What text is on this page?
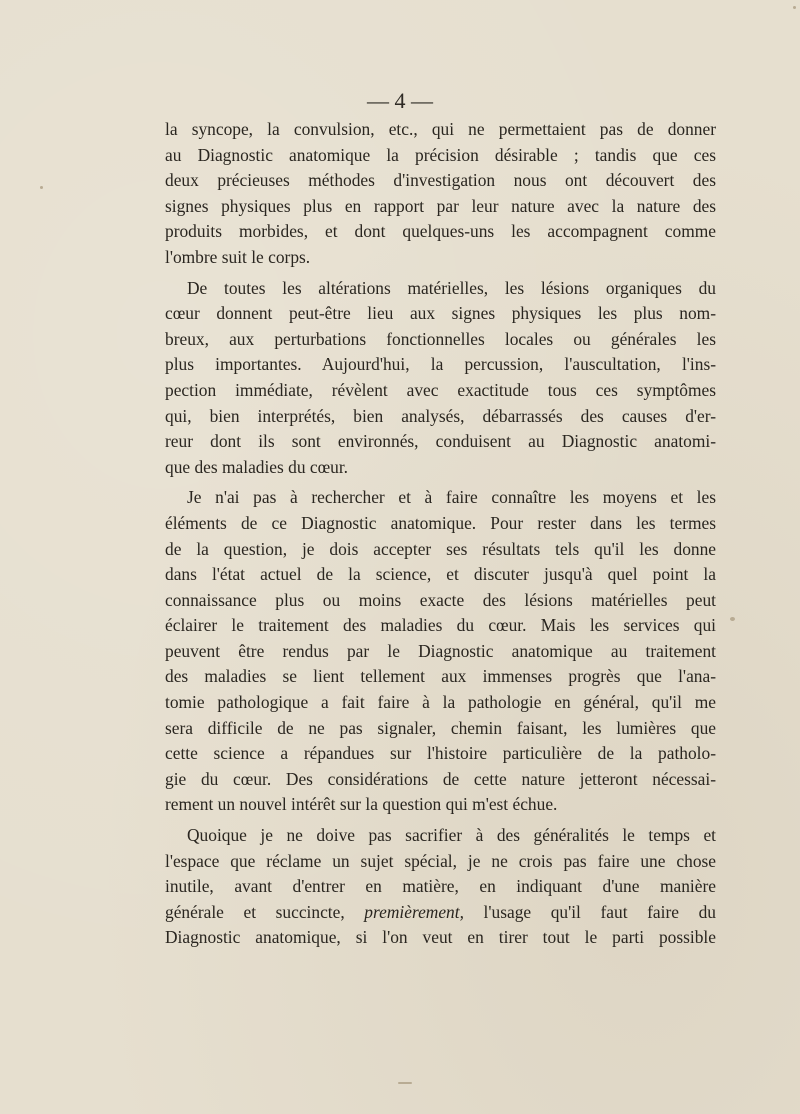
— 4 —

la syncope, la convulsion, etc., qui ne permettaient pas de donner
au Diagnostic anatomique la précision désirable ; tandis que ces
deux précieuses méthodes d'investigation nous ont découvert des
signes physiques plus en rapport par leur nature avec la nature des
produits morbides, et dont quelques-uns les accompagnent comme
l'ombre suit le corps.

De toutes les altérations matérielles, les lésions organiques du
cœur donnent peut-être lieu aux signes physiques les plus nom-
breux, aux perturbations fonctionnelles locales ou générales les
plus importantes. Aujourd'hui, la percussion, l'auscultation, l'ins-
pection immédiate, révèlent avec exactitude tous ces symptômes
qui, bien interprétés, bien analysés, débarrassés des causes d'er-
reur dont ils sont environnés, conduisent au Diagnostic anatomi-
que des maladies du cœur.

Je n'ai pas à rechercher et à faire connaître les moyens et les
éléments de ce Diagnostic anatomique. Pour rester dans les termes
de la question, je dois accepter ses résultats tels qu'il les donne
dans l'état actuel de la science, et discuter jusqu'à quel point la
connaissance plus ou moins exacte des lésions matérielles peut
éclairer le traitement des maladies du cœur. Mais les services qui
peuvent être rendus par le Diagnostic anatomique au traitement
des maladies se lient tellement aux immenses progrès que l'ana-
tomie pathologique a fait faire à la pathologie en général, qu'il me
sera difficile de ne pas signaler, chemin faisant, les lumières que
cette science a répandues sur l'histoire particulière de la patholo-
gie du cœur. Des considérations de cette nature jetteront nécessai-
rement un nouvel intérêt sur la question qui m'est échue.

Quoique je ne doive pas sacrifier à des généralités le temps et
l'espace que réclame un sujet spécial, je ne crois pas faire une chose
inutile, avant d'entrer en matière, en indiquant d'une manière
générale et succincte, premièrement, l'usage qu'il faut faire du
Diagnostic anatomique, si l'on veut en tirer tout le parti possible
